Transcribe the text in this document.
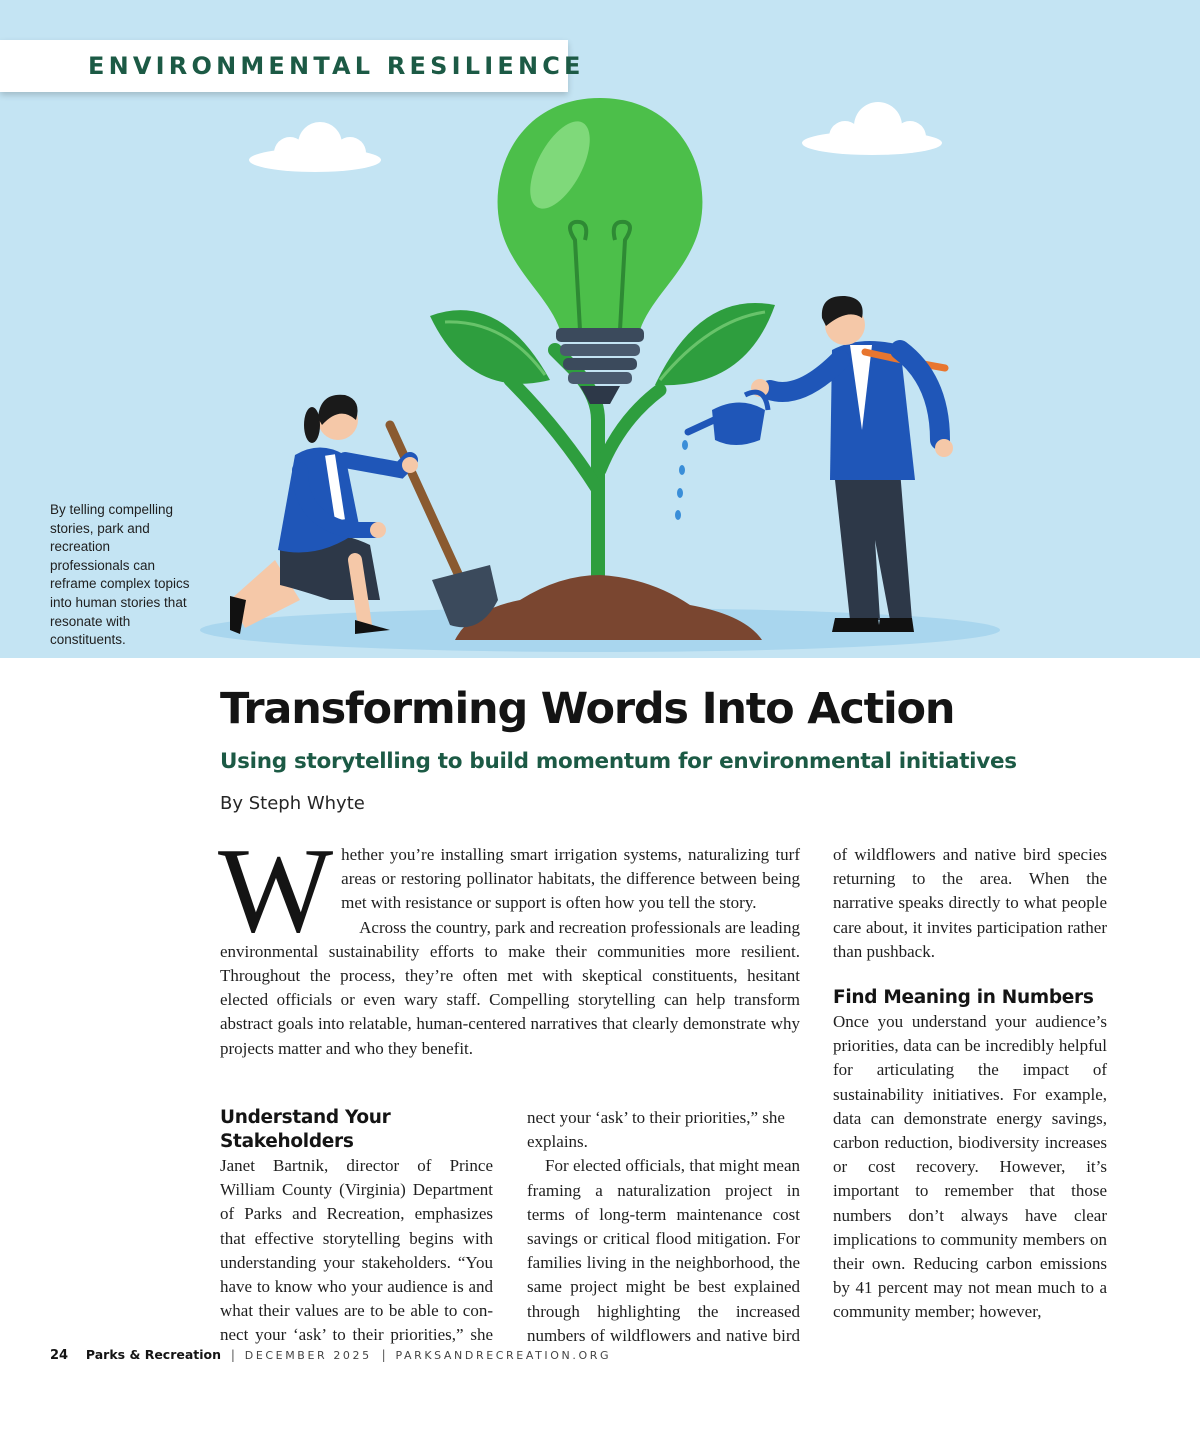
ENVIRONMENTAL RESILIENCE
By telling compelling stories, park and recreation professionals can reframe complex topics into human stories that resonate with constituents.
Transforming Words Into Action
Using storytelling to build momentum for environmental initiatives
By Steph Whyte
W hether you’re installing smart irrigation systems, naturalizing turf areas or restoring pollinator habitats, the difference between being met with resistance or support is often how you tell the story.

Across the country, park and recreation professionals are leading environmental sustainability efforts to make their communities more resilient. Throughout the process, they’re often met with skeptical constituents, hesitant elected officials or even wary staff. Compelling storytelling can help transform abstract goals into relatable, human-centered narratives that clearly demonstrate why projects matter and who they benefit.

Understand Your Stakeholders

Janet Bartnik, director of Prince William County (Virginia) Department of Parks and Recreation, emphasizes that effective storytelling begins with understanding your stakeholders. “You have to know who your audience is and what their values are to be able to connect your ‘ask’ to their priorities,” she

nect your ‘ask’ to their priorities,” she explains.

For elected officials, that might mean framing a naturalization project in terms of long-term maintenance cost savings or critical flood mitigation. For families living in the neighborhood, the same project might be best explained through highlighting the increased numbers of wildflowers and native bird

of wildflowers and native bird species returning to the area. When the narrative speaks directly to what people care about, it invites participation rather than pushback.

Find Meaning in Numbers

Once you understand your audience’s priorities, data can be incredibly helpful for articulating the impact of sustainability initiatives. For example, data can demonstrate energy savings, carbon reduction, biodiversity increases or cost recovery. However, it’s important to remember that those numbers don’t always have clear implications to community members on their own. Reducing carbon emissions by 41 percent may not mean much to a community member; however,

24 Parks & Recreation | DECEMBER 2025 | PARKSANDRECREATION.ORG
